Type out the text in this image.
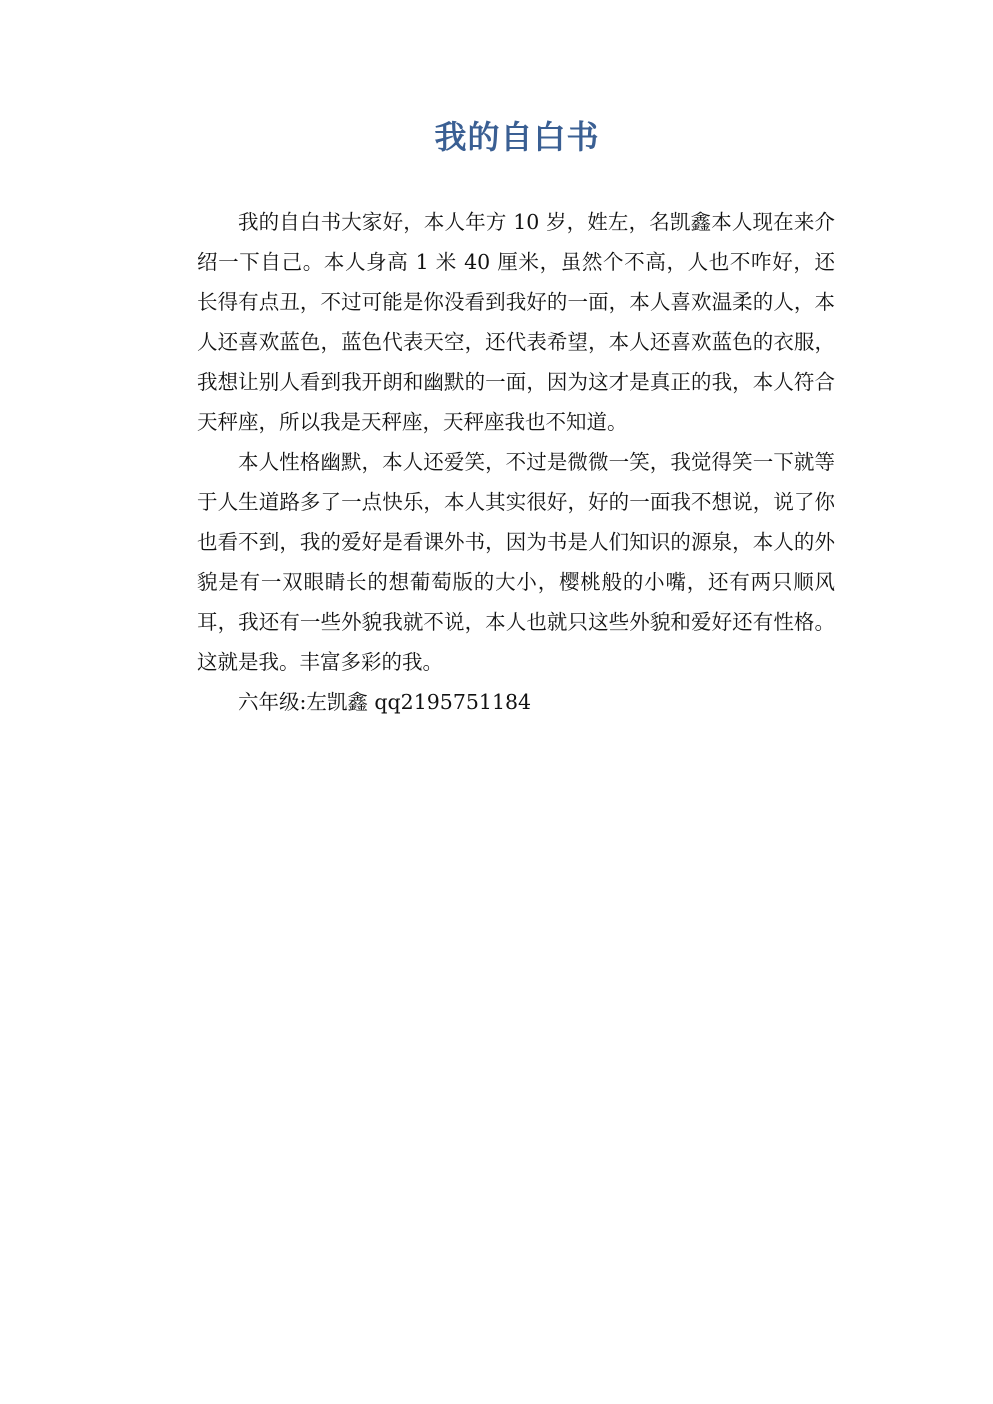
我的自白书

我的自白书大家好，本人年方 10 岁，姓左，名凯鑫本人现在来介绍一下自己。本人身高 1 米 40 厘米，虽然个不高，人也不咋好，还长得有点丑，不过可能是你没看到我好的一面，本人喜欢温柔的人，本人还喜欢蓝色，蓝色代表天空，还代表希望，本人还喜欢蓝色的衣服，我想让别人看到我开朗和幽默的一面，因为这才是真正的我，本人符合天秤座，所以我是天秤座，天秤座我也不知道。

本人性格幽默，本人还爱笑，不过是微微一笑，我觉得笑一下就等于人生道路多了一点快乐，本人其实很好，好的一面我不想说，说了你也看不到，我的爱好是看课外书，因为书是人们知识的源泉，本人的外貌是有一双眼睛长的想葡萄版的大小，樱桃般的小嘴，还有两只顺风耳，我还有一些外貌我就不说，本人也就只这些外貌和爱好还有性格。这就是我。丰富多彩的我。

六年级:左凯鑫 qq2195751184
